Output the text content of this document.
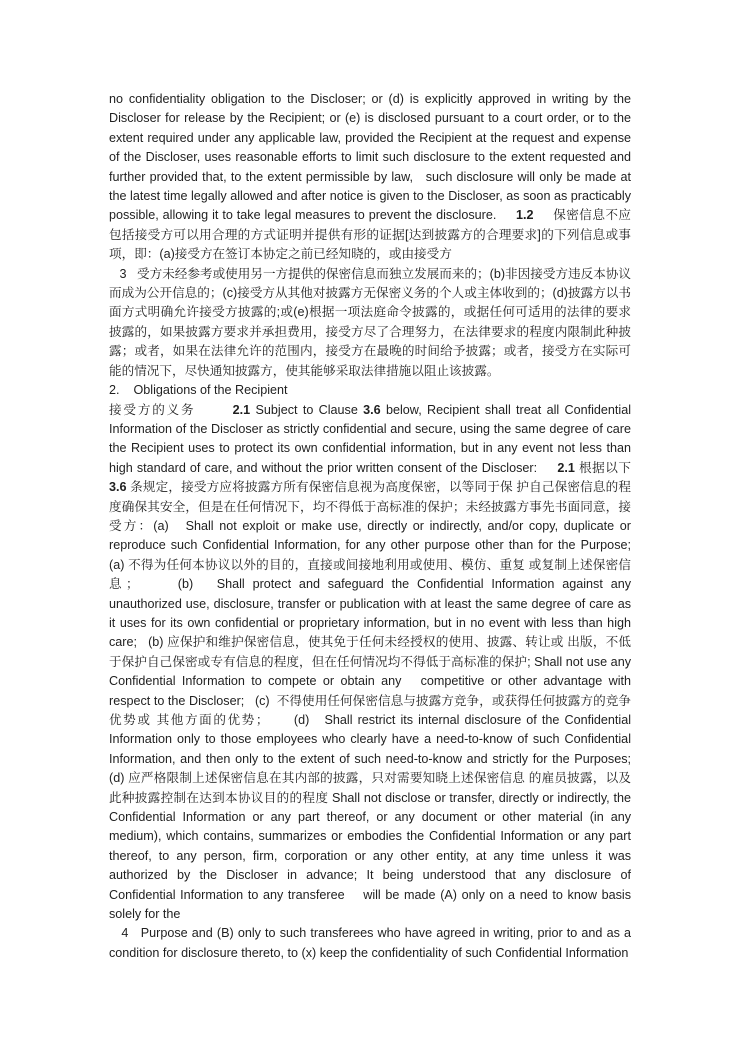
no confidentiality obligation to the Discloser; or (d) is explicitly approved in writing by the Discloser for release by the Recipient; or (e) is disclosed pursuant to a court order, or to the extent required under any applicable law, provided the Recipient at the request and expense of the Discloser, uses reasonable efforts to limit such disclosure to the extent requested and further provided that, to the extent permissible by law,   such disclosure will only be made at the latest time legally allowed and after notice is given to the Discloser, as soon as practicably possible, allowing it to take legal measures to prevent the disclosure.     1.2     保密信息不应包括接受方可以用合理的方式证明并提供有形的证据[达到披露方的合理要求]的下列信息或事项，即：(a)接受方在签订本协定之前已经知晓的，或由接受方

3   受方未经参考或使用另一方提供的保密信息而独立发展而来的；(b)非因接受方违反本协议而成为公开信息的；(c)接受方从其他对披露方无保密义务的个人或主体收到的；(d)披露方以书面方式明确允许接受方披露的;或(e)根据一项法庭命令披露的，或据任何可适用的法律的要求披露的，如果披露方要求并承担费用，接受方尽了合理努力，在法律要求的程度内限制此种披露；或者，如果在法律允许的范围内，接受方在最晚的时间给予披露；或者，接受方在实际可能的情况下，尽快通知披露方，使其能够采取法律措施以阻止该披露。

2.    Obligations of the Recipient

接受方的义务       2.1 Subject to Clause 3.6 below, Recipient shall treat all Confidential Information of the Discloser as strictly confidential and secure, using the same degree of care the Recipient uses to protect its own confidential information, but in any event not less than high standard of care, and without the prior written consent of the Discloser:     2.1 根据以下 3.6 条规定，接受方应将披露方所有保密信息视为高度保密，以等同于保 护自己保密信息的程度确保其安全，但是在任何情况下，均不得低于高标准的保护；未经披露方事先书面同意，接受方：(a)   Shall not exploit or make use, directly or indirectly, and/or copy, duplicate or reproduce such Confidential Information, for any other purpose other than for the Purpose;    (a) 不得为任何本协议以外的目的，直接或间接地利用或使用、模仿、重复 或复制上述保密信息；     (b)   Shall protect and safeguard the Confidential Information against any   unauthorized use, disclosure, transfer or publication with at least the same degree of care as it uses for its own confidential or proprietary information, but in no event with less than high care;   (b) 应保护和维护保密信息，使其免于任何未经授权的使用、披露、转让或 出版，不低于保护自己保密或专有信息的程度，但在任何情况均不得低于高标准的保护; Shall not use any Confidential Information to compete or obtain any   competitive or other advantage with respect to the Discloser;   (c)  不得使用任何保密信息与披露方竞争，或获得任何披露方的竞争优势或 其他方面的优势；     (d)   Shall restrict its internal disclosure of the Confidential Information only to those employees who clearly have a need-to-know of such Confidential Information, and then only to the extent of such need-to-know and strictly for the Purposes;     (d) 应严格限制上述保密信息在其内部的披露，只对需要知晓上述保密信息 的雇员披露，以及此种披露控制在达到本协议目的的程度 Shall not disclose or transfer, directly or indirectly, the Confidential Information or any part thereof, or any document or other material (in any medium), which contains, summarizes or embodies the Confidential Information or any part thereof, to any person, firm, corporation or any other entity, at any time unless it was authorized by the Discloser in advance; It being understood that any disclosure of Confidential Information to any transferee    will be made (A) only on a need to know basis solely for the

4   Purpose and (B) only to such transferees who have agreed in writing, prior to and as a condition for disclosure thereto, to (x) keep the confidentiality of such Confidential Information
